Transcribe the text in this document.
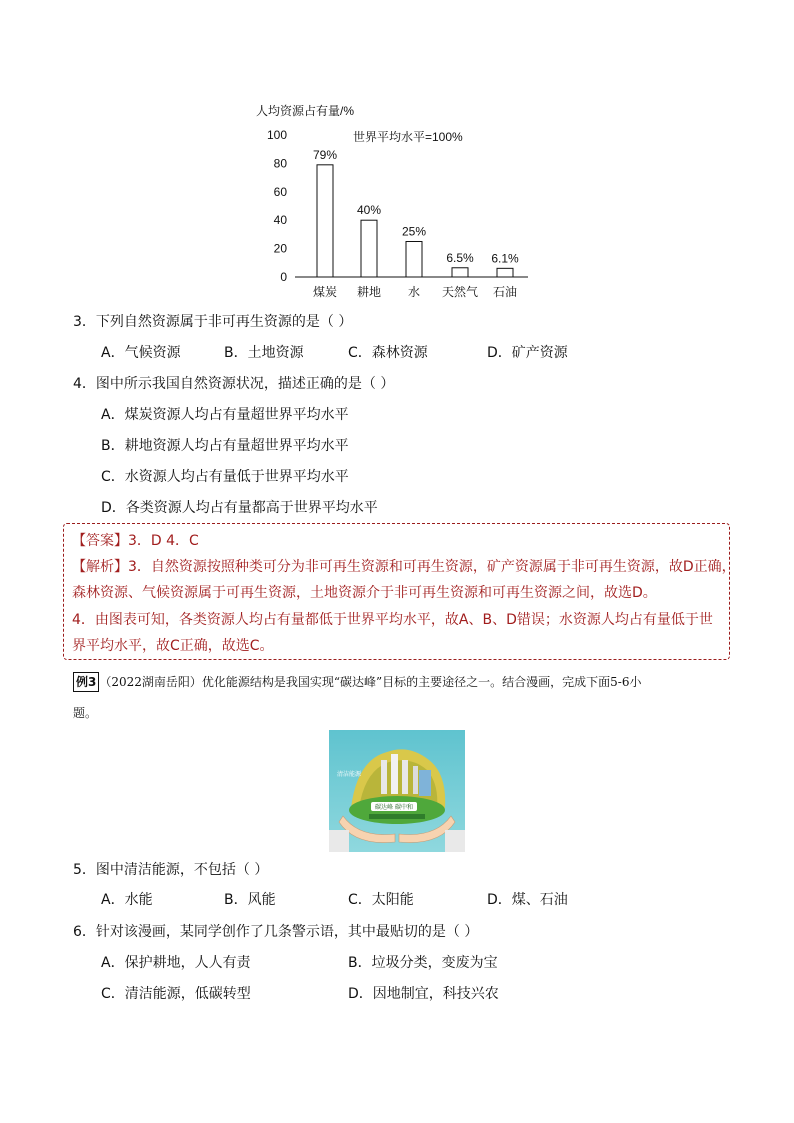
人均资源占有量/%
世界平均水平=100%
100
80
60
40
20
0
79%
煤炭
40%
耕地
25%
水
6.5%
天然气
6.1%
石油
3．下列自然资源属于非可再生资源的是（ ）
A．气候资源	B．土地资源	C．森林资源	D．矿产资源
4．图中所示我国自然资源状况，描述正确的是（ ）
A．煤炭资源人均占有量超世界平均水平
B．耕地资源人均占有量超世界平均水平
C．水资源人均占有量低于世界平均水平
D．各类资源人均占有量都高于世界平均水平
【答案】3．D 4．C
【解析】3．自然资源按照种类可分为非可再生资源和可再生资源，矿产资源属于非可再生资源，故D正确，
森林资源、气候资源属于可再生资源，土地资源介于非可再生资源和可再生资源之间，故选D。
4．由图表可知，各类资源人均占有量都低于世界平均水平，故A、B、D错误；水资源人均占有量低于世
界平均水平，故C正确，故选C。
例3 （2022湖南岳阳）优化能源结构是我国实现“碳达峰”目标的主要途径之一。结合漫画，完成下面5-6小
题。
碳达峰 碳中和
清洁能源
5．图中清洁能源，不包括（ ）
A．水能	B．风能	C．太阳能	D．煤、石油
6．针对该漫画，某同学创作了几条警示语，其中最贴切的是（ ）
A．保护耕地，人人有责	B．垃圾分类，变废为宝
C．清洁能源，低碳转型	D．因地制宜，科技兴农
